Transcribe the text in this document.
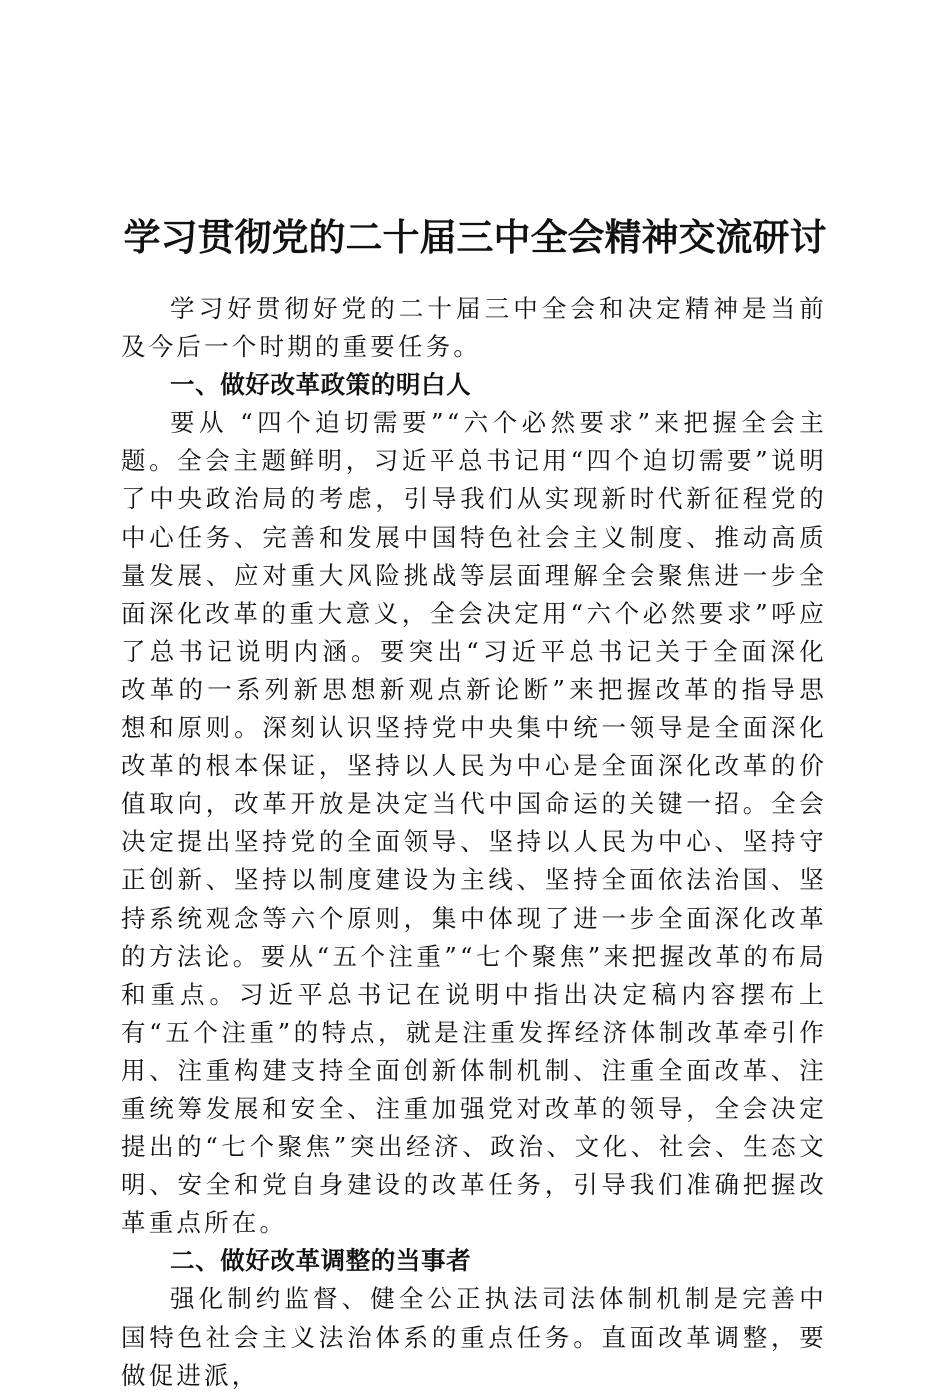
学习贯彻党的二十届三中全会精神交流研讨

学习好贯彻好党的二十届三中全会和决定精神是当前及今后一个时期的重要任务。

一、做好改革政策的明白人

要从 “四个迫切需要”“六个必然要求”来把握全会主题。全会主题鲜明，习近平总书记用“四个迫切需要”说明了中央政治局的考虑，引导我们从实现新时代新征程党的中心任务、完善和发展中国特色社会主义制度、推动高质量发展、应对重大风险挑战等层面理解全会聚焦进一步全面深化改革的重大意义，全会决定用“六个必然要求”呼应了总书记说明内涵。要突出“习近平总书记关于全面深化改革的一系列新思想新观点新论断”来把握改革的指导思想和原则。深刻认识坚持党中央集中统一领导是全面深化改革的根本保证，坚持以人民为中心是全面深化改革的价值取向，改革开放是决定当代中国命运的关键一招。全会决定提出坚持党的全面领导、坚持以人民为中心、坚持守正创新、坚持以制度建设为主线、坚持全面依法治国、坚持系统观念等六个原则，集中体现了进一步全面深化改革的方法论。要从“五个注重”“七个聚焦”来把握改革的布局和重点。习近平总书记在说明中指出决定稿内容摆布上有“五个注重”的特点，就是注重发挥经济体制改革牵引作用、注重构建支持全面创新体制机制、注重全面改革、注重统筹发展和安全、注重加强党对改革的领导，全会决定提出的“七个聚焦”突出经济、政治、文化、社会、生态文明、安全和党自身建设的改革任务，引导我们准确把握改革重点所在。

二、做好改革调整的当事者

强化制约监督、健全公正执法司法体制机制是完善中国特色社会主义法治体系的重点任务。直面改革调整，要做促进派，
